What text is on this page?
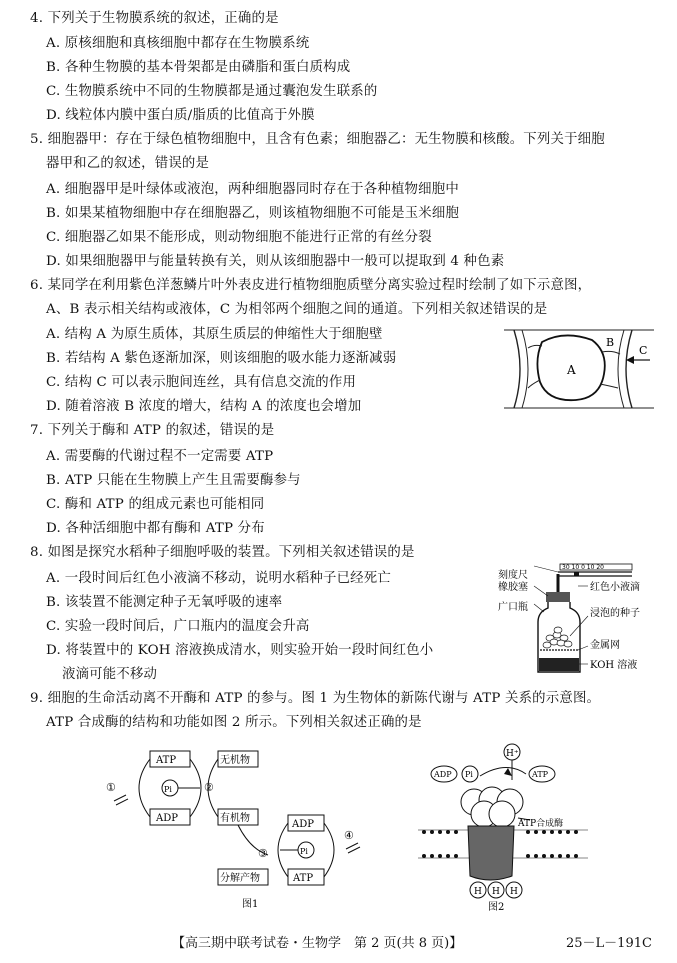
4. 下列关于生物膜系统的叙述，正确的是
A. 原核细胞和真核细胞中都存在生物膜系统
B. 各种生物膜的基本骨架都是由磷脂和蛋白质构成
C. 生物膜系统中不同的生物膜都是通过囊泡发生联系的
D. 线粒体内膜中蛋白质/脂质的比值高于外膜
5. 细胞器甲：存在于绿色植物细胞中，且含有色素；细胞器乙：无生物膜和核酸。下列关于细胞
器甲和乙的叙述，错误的是
A. 细胞器甲是叶绿体或液泡，两种细胞器同时存在于各种植物细胞中
B. 如果某植物细胞中存在细胞器乙，则该植物细胞不可能是玉米细胞
C. 细胞器乙如果不能形成，则动物细胞不能进行正常的有丝分裂
D. 如果细胞器甲与能量转换有关，则从该细胞器中一般可以提取到 4 种色素
6. 某同学在利用紫色洋葱鳞片叶外表皮进行植物细胞质壁分离实验过程时绘制了如下示意图，
A、B 表示相关结构或液体，C 为相邻两个细胞之间的通道。下列相关叙述错误的是
A. 结构 A 为原生质体，其原生质层的伸缩性大于细胞壁
B. 若结构 A 紫色逐渐加深，则该细胞的吸水能力逐渐减弱
C. 结构 C 可以表示胞间连丝，具有信息交流的作用
D. 随着溶液 B 浓度的增大，结构 A 的浓度也会增加
A
B
C
7. 下列关于酶和 ATP 的叙述，错误的是
A. 需要酶的代谢过程不一定需要 ATP
B. ATP 只能在生物膜上产生且需要酶参与
C. 酶和 ATP 的组成元素也可能相同
D. 各种活细胞中都有酶和 ATP 分布
8. 如图是探究水稻种子细胞呼吸的装置。下列相关叙述错误的是
A. 一段时间后红色小液滴不移动，说明水稻种子已经死亡
B. 该装置不能测定种子无氧呼吸的速率
C. 实验一段时间后，广口瓶内的温度会升高
D. 将装置中的 KOH 溶液换成清水，则实验开始一段时间红色小
液滴可能不移动
30 10 0 10 20
刻度尺
橡胶塞
广口瓶
红色小液滴
浸泡的种子
金属网
KOH 溶液
9. 细胞的生命活动离不开酶和 ATP 的参与。图 1 为生物体的新陈代谢与 ATP 关系的示意图。
ATP 合成酶的结构和功能如图 2 所示。下列相关叙述正确的是
ATP
ADP
Pi
无机物
有机物
①	②
ADP
ATP
Pi
分解产物
③
④
图1
H⁺
ADP Pi	ATP
ATP合成酶
H H H
图2
【高三期中联考试卷・生物学　第 2 页(共 8 页)】	25－L－191C
